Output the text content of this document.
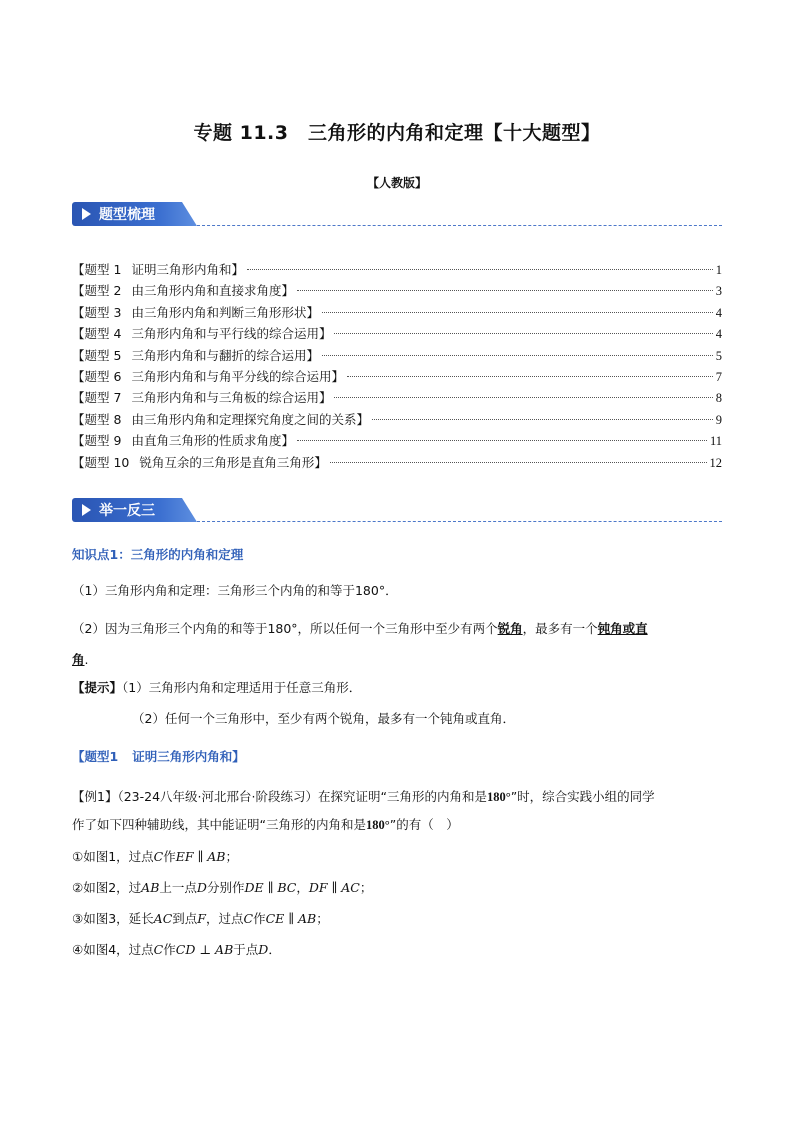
专题 11.3　三角形的内角和定理【十大题型】
【人教版】
题型梳理
【题型 1 证明三角形内角和】	1
【题型 2 由三角形内角和直接求角度】	3
【题型 3 由三角形内角和判断三角形形状】	4
【题型 4 三角形内角和与平行线的综合运用】	4
【题型 5 三角形内角和与翻折的综合运用】	5
【题型 6 三角形内角和与角平分线的综合运用】	7
【题型 7 三角形内角和与三角板的综合运用】	8
【题型 8 由三角形内角和定理探究角度之间的关系】	9
【题型 9 由直角三角形的性质求角度】	11
【题型 10 锐角互余的三角形是直角三角形】	12
举一反三
知识点1：三角形的内角和定理
（1）三角形内角和定理：三角形三个内角的和等于180°．
（2）因为三角形三个内角的和等于180°，所以任何一个三角形中至少有两个锐角，最多有一个钝角或直
角.
【提示】（1）三角形内角和定理适用于任意三角形．
（2）任何一个三角形中，至少有两个锐角，最多有一个钝角或直角．
【题型1 证明三角形内角和】
【例1】（23-24八年级·河北邢台·阶段练习）在探究证明“三角形的内角和是180°”时，综合实践小组的同学
作了如下四种辅助线，其中能证明“三角形的内角和是180°”的有（　）
①如图1，过点C作EF ∥ AB；
②如图2，过AB上一点D分别作DE ∥ BC，DF ∥ AC；
③如图3，延长AC到点F，过点C作CE ∥ AB；
④如图4，过点C作CD ⊥ AB于点D．
